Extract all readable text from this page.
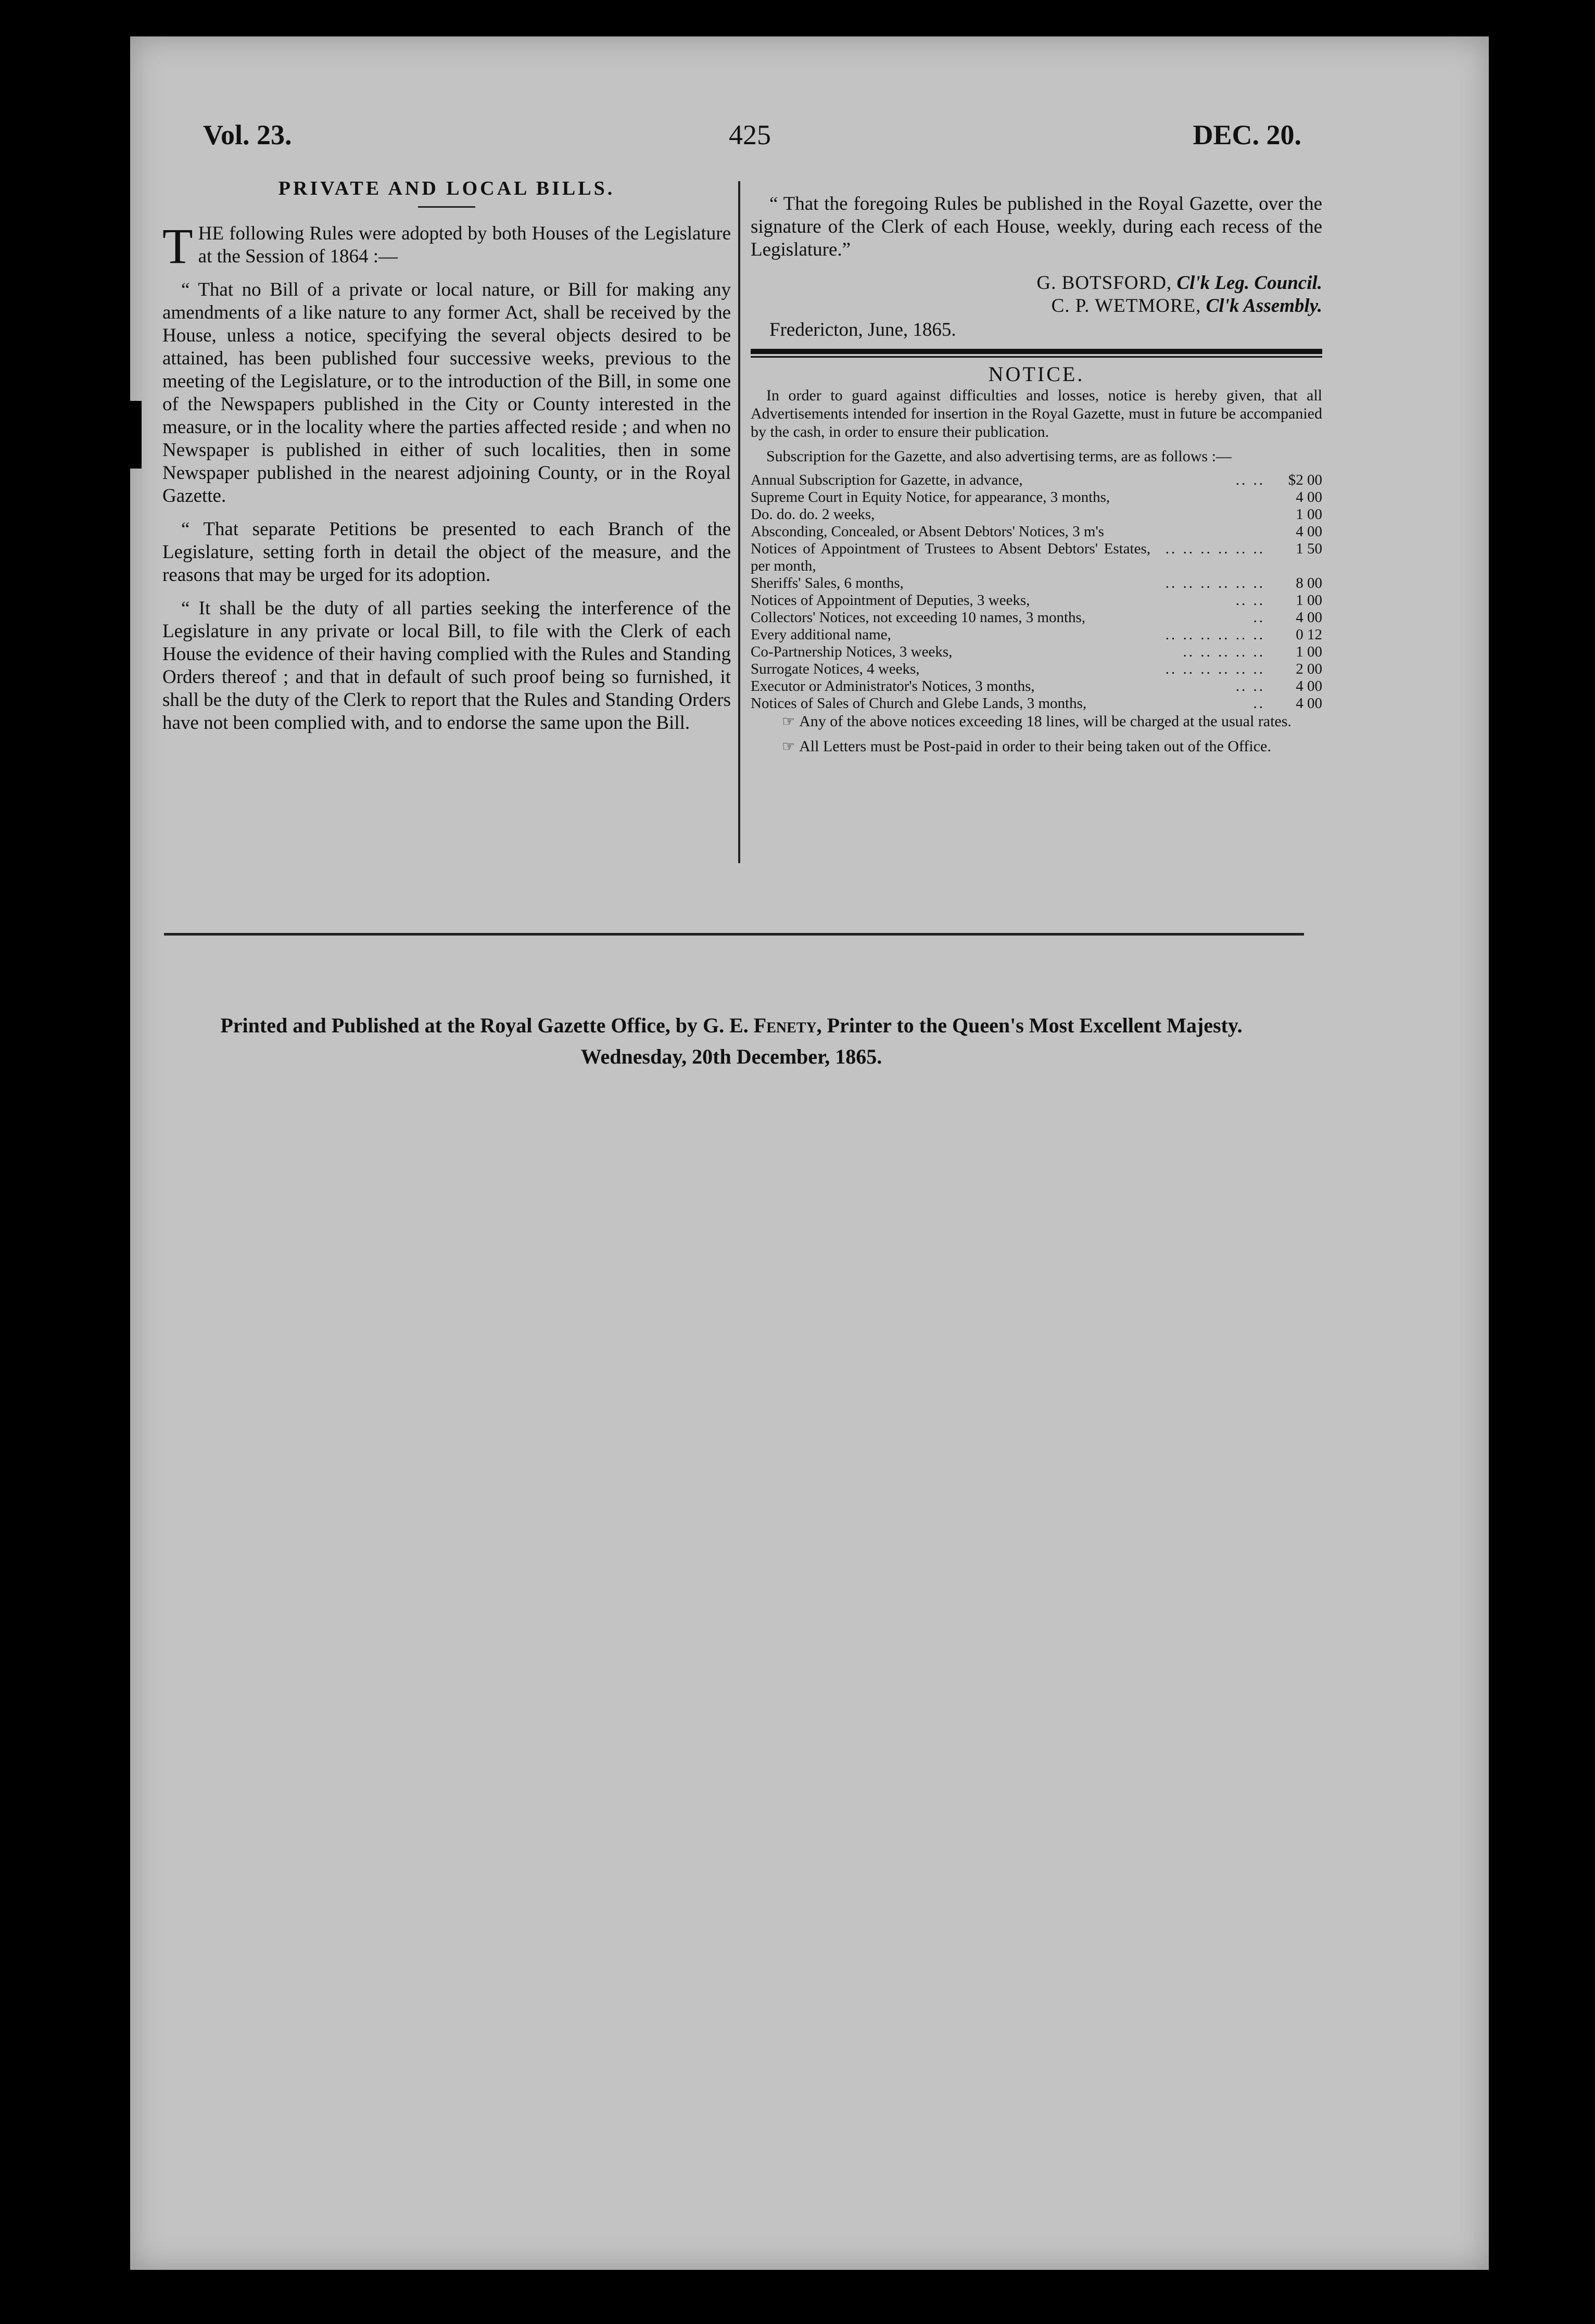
Vol. 23.	425	DEC. 20.
PRIVATE AND LOCAL BILLS.

THE following Rules were adopted by both Houses of the Legislature at the Session of 1864 :—

“ That no Bill of a private or local nature, or Bill for making any amendments of a like nature to any former Act, shall be received by the House, unless a notice, specifying the several objects desired to be attained, has been published four successive weeks, previous to the meeting of the Legislature, or to the introduction of the Bill, in some one of the Newspapers published in the City or County interested in the measure, or in the locality where the parties affected reside ; and when no Newspaper is published in either of such localities, then in some Newspaper published in the nearest adjoining County, or in the Royal Gazette.

“ That separate Petitions be presented to each Branch of the Legislature, setting forth in detail the object of the measure, and the reasons that may be urged for its adoption.

“ It shall be the duty of all parties seeking the interference of the Legislature in any private or local Bill, to file with the Clerk of each House the evidence of their having complied with the Rules and Standing Orders thereof ; and that in default of such proof being so furnished, it shall be the duty of the Clerk to report that the Rules and Standing Orders have not been complied with, and to endorse the same upon the Bill.

“ That the foregoing Rules be published in the Royal Gazette, over the signature of the Clerk of each House, weekly, during each recess of the Legislature.”

G. BOTSFORD, Cl'k Leg. Council.
C. P. WETMORE, Cl'k Assembly.
Fredericton, June, 1865.
NOTICE.

In order to guard against difficulties and losses, notice is hereby given, that all Advertisements intended for insertion in the Royal Gazette, must in future be accompanied by the cash, in order to ensure their publication.

Subscription for the Gazette, and also advertising terms, are as follows :—

Annual Subscription for Gazette, in advance,	.. ..	$2 00
Supreme Court in Equity Notice, for appearance, 3 months,		4 00
Do. do. do. 2 weeks,		1 00
Absconding, Concealed, or Absent Debtors' Notices, 3 m's		4 00
Notices of Appointment of Trustees to Absent Debtors' Estates, per month,	.. .. .. .. .. ..	1 50
Sheriffs' Sales, 6 months,	.. .. .. .. .. ..	8 00
Notices of Appointment of Deputies, 3 weeks,	.. ..	1 00
Collectors' Notices, not exceeding 10 names, 3 months,	..	4 00
Every additional name,	.. .. .. .. .. ..	0 12
Co-Partnership Notices, 3 weeks,	.. .. .. .. ..	1 00
Surrogate Notices, 4 weeks,	.. .. .. .. .. ..	2 00
Executor or Administrator's Notices, 3 months,	.. ..	4 00
Notices of Sales of Church and Glebe Lands, 3 months,	..	4 00

☞ Any of the above notices exceeding 18 lines, will be charged at the usual rates.

☞ All Letters must be Post-paid in order to their being taken out of the Office.

Printed and Published at the Royal Gazette Office, by G. E. Fenety, Printer to the Queen's Most Excellent Majesty.
Wednesday, 20th December, 1865.
